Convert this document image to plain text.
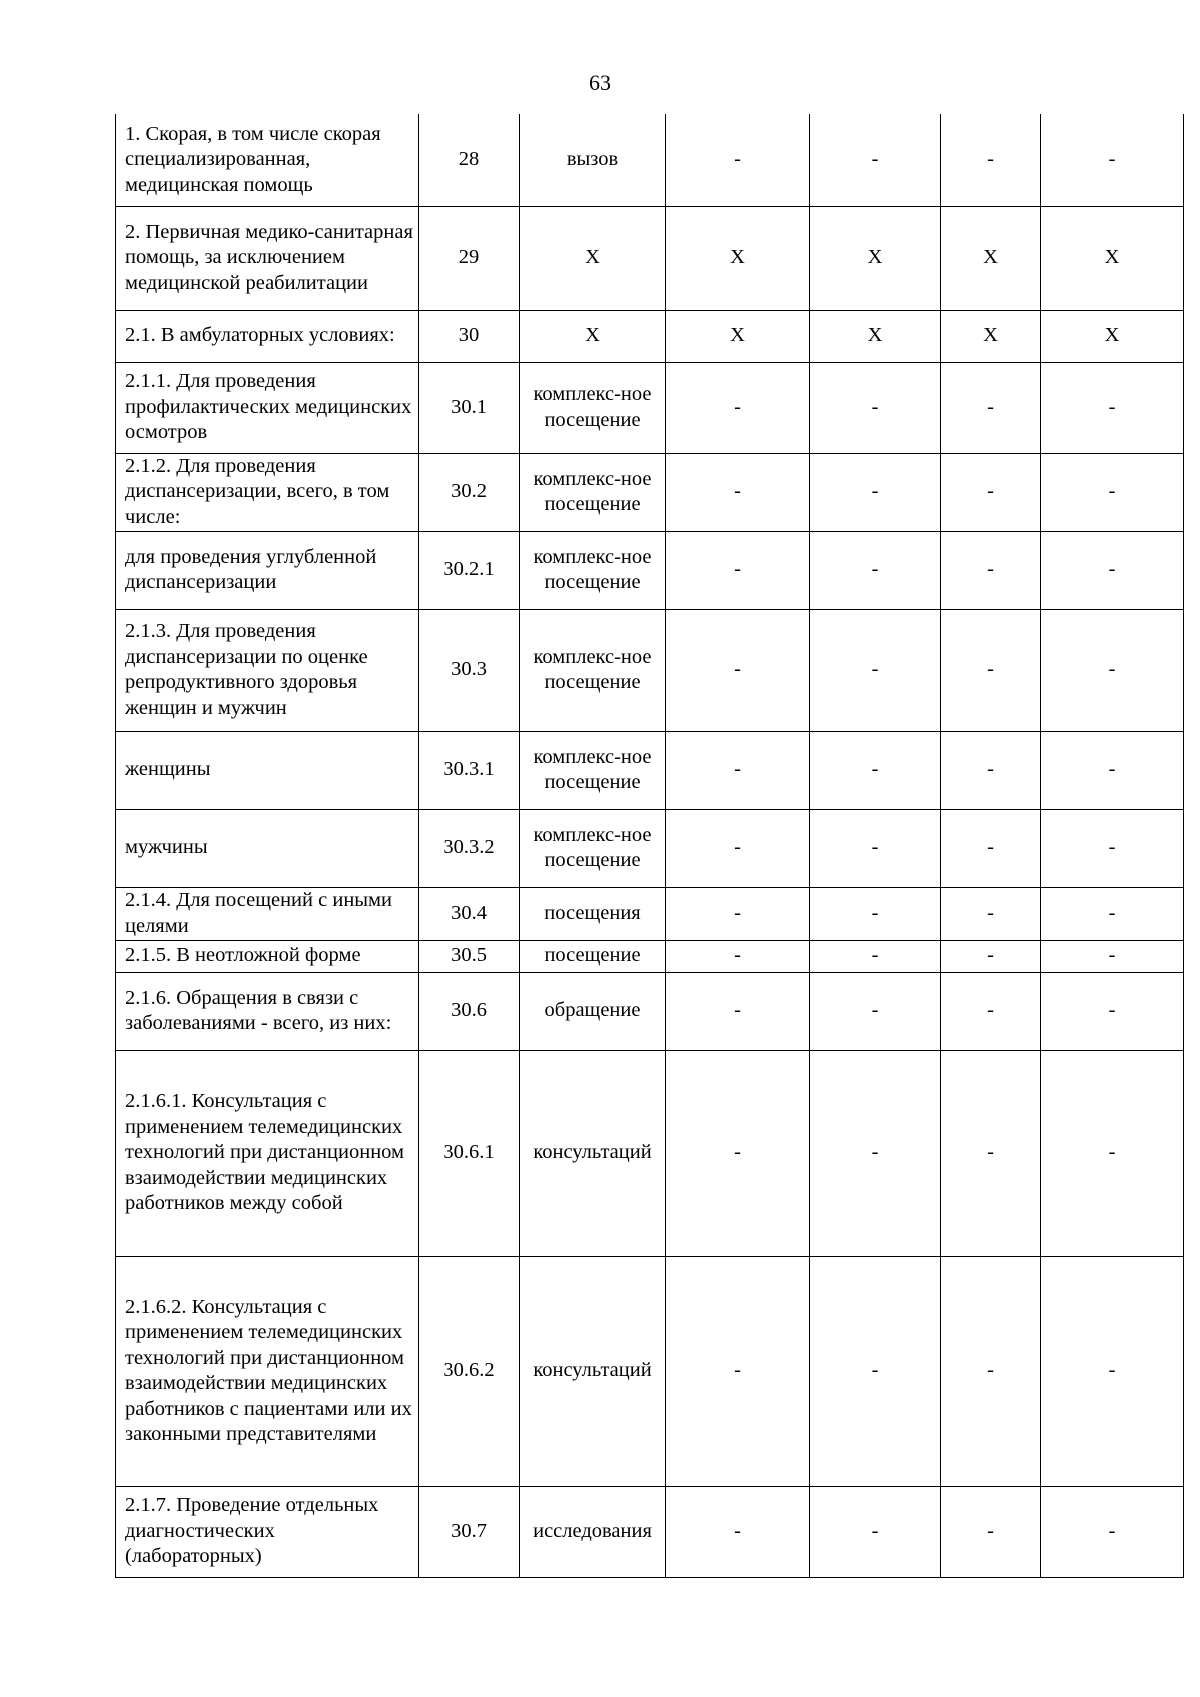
63
1. Скорая, в том числе скорая специализированная, медицинская помощь	28	вызов	-	-	-	-

2. Первичная медико-санитарная помощь, за исключением медицинской реабилитации	29	Х	Х	Х	Х	Х

2.1. В амбулаторных условиях:	30	Х	Х	Х	Х	Х

2.1.1. Для проведения профилактических медицинских осмотров	30.1	комплекс-ное посещение	-	-	-	-

2.1.2. Для проведения диспансеризации, всего, в том числе:	30.2	комплекс-ное посещение	-	-	-	-

для проведения углубленной диспансеризации	30.2.1	комплекс-ное посещение	-	-	-	-

2.1.3. Для проведения диспансеризации по оценке репродуктивного здоровья женщин и мужчин	30.3	комплекс-ное посещение	-	-	-	-

женщины	30.3.1	комплекс-ное посещение	-	-	-	-

мужчины	30.3.2	комплекс-ное посещение	-	-	-	-

2.1.4. Для посещений с иными целями	30.4	посещения	-	-	-	-

2.1.5. В неотложной форме	30.5	посещение	-	-	-	-

2.1.6. Обращения в связи с заболеваниями - всего, из них:	30.6	обращение	-	-	-	-

2.1.6.1. Консультация с применением телемедицинских технологий при дистанционном взаимодействии медицинских работников между собой	30.6.1	консультаций	-	-	-	-

2.1.6.2. Консультация с применением телемедицинских технологий при дистанционном взаимодействии медицинских работников с пациентами или их законными представителями	30.6.2	консультаций	-	-	-	-

2.1.7. Проведение отдельных диагностических (лабораторных)	30.7	исследования	-	-	-	-
